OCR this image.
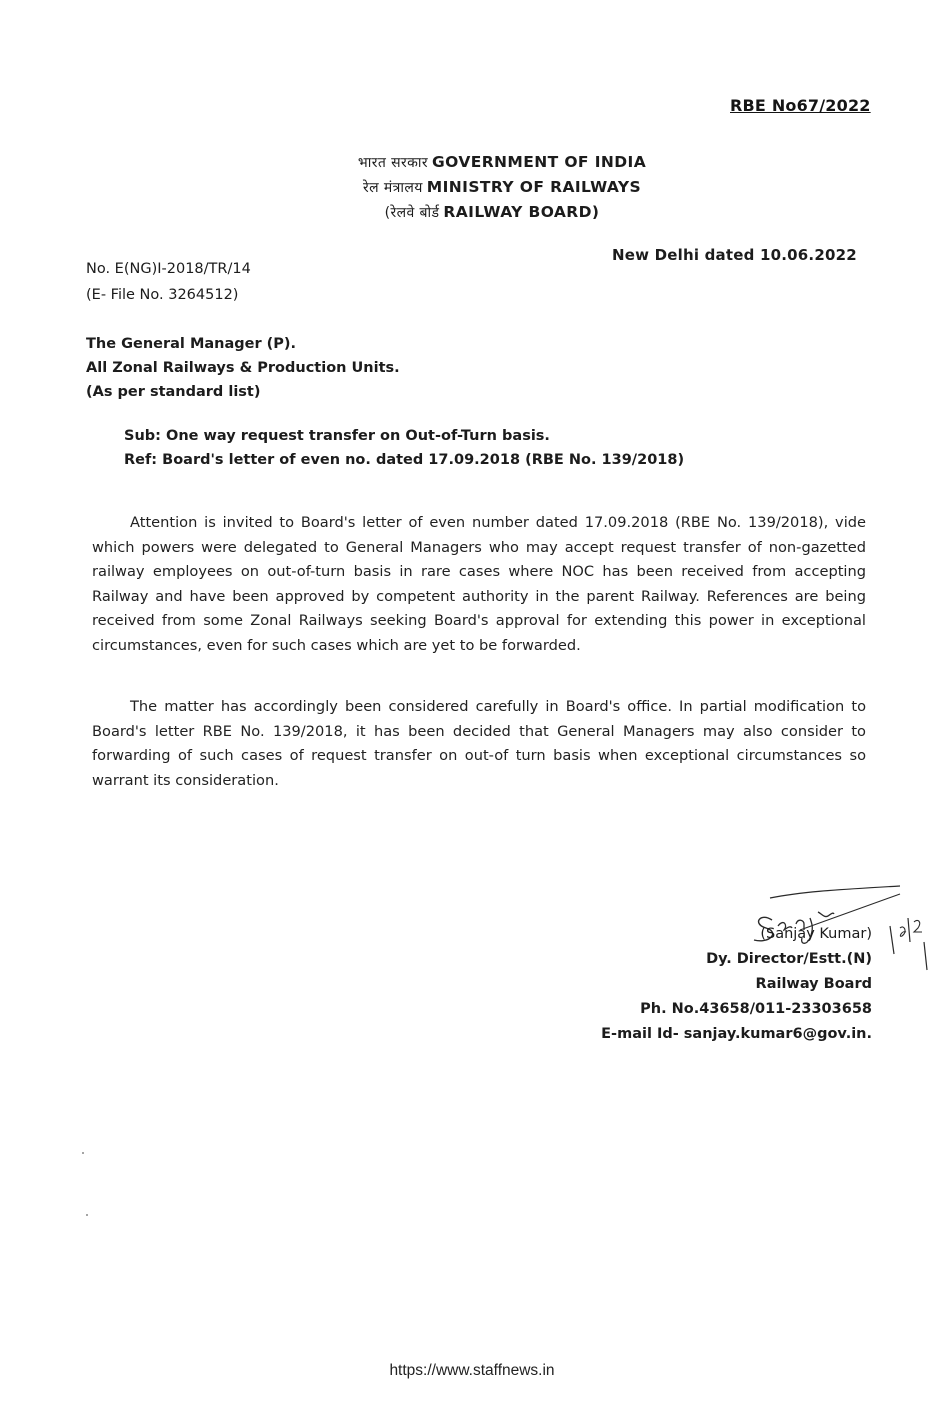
RBE No67/2022
भारत सरकार GOVERNMENT OF INDIA
रेल मंत्रालय MINISTRY OF RAILWAYS
(रेलवे बोर्ड RAILWAY BOARD)
No. E(NG)I-2018/TR/14
(E- File No. 3264512)
New Delhi dated 10.06.2022
The General Manager (P).
All Zonal Railways & Production Units.
(As per standard list)
Sub: One way request transfer on Out-of-Turn basis.
Ref: Board's letter of even no. dated 17.09.2018 (RBE No. 139/2018)

Attention is invited to Board's letter of even number dated 17.09.2018 (RBE No. 139/2018), vide which powers were delegated to General Managers who may accept request transfer of non-gazetted railway employees on out-of-turn basis in rare cases where NOC has been received from accepting Railway and have been approved by competent authority in the parent Railway. References are being received from some Zonal Railways seeking Board's approval for extending this power in exceptional circumstances, even for such cases which are yet to be forwarded.

The matter has accordingly been considered carefully in Board's office. In partial modification to Board's letter RBE No. 139/2018, it has been decided that General Managers may also consider to forwarding of such cases of request transfer on out-of turn basis when exceptional circumstances so warrant its consideration.

(Sanjay Kumar)
Dy. Director/Estt.(N)
Railway Board
Ph. No.43658/011-23303658
E-mail Id- sanjay.kumar6@gov.in.
https://www.staffnews.in
